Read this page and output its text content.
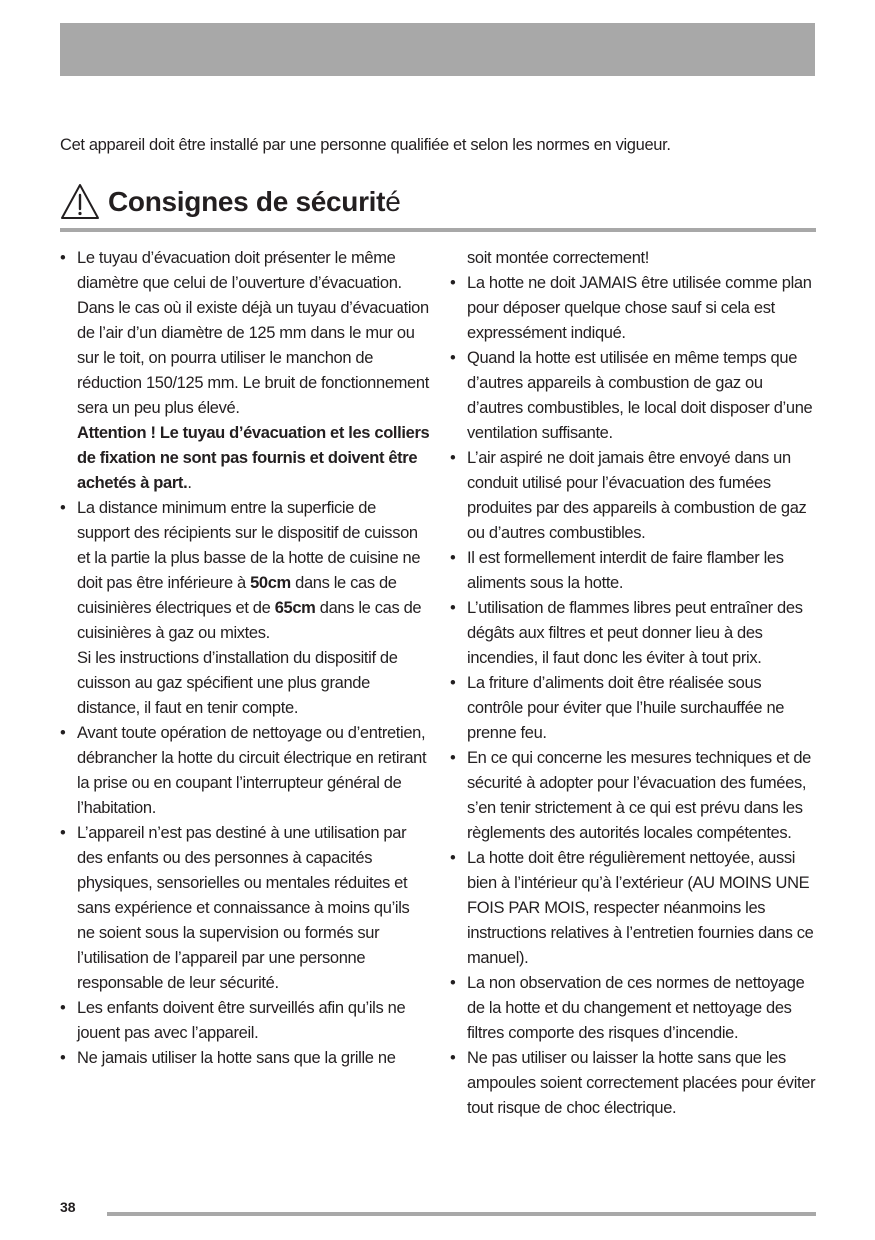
Cet appareil doit être installé par une personne qualifiée et selon les normes en vigueur.
Consignes de sécurité

• Le tuyau d’évacuation doit présenter le même diamètre que celui de l’ouverture d’évacuation.

Dans le cas où il existe déjà un tuyau d’évacuation de l’air d’un diamètre de 125 mm dans le mur ou sur le toit, on pourra utiliser le manchon de réduction 150/125 mm. Le bruit de fonctionnement sera un peu plus élevé.

Attention ! Le tuyau d’évacuation et les colliers de fixation ne sont pas fournis et doivent être achetés à part..

• La distance minimum entre la superficie de support des récipients sur le dispositif de cuisson et la partie la plus basse de la hotte de cuisine ne doit pas être inférieure à 50cm dans le cas de cuisinières électriques et de 65cm dans le cas de cuisinières à gaz ou mixtes.

Si les instructions d’installation du dispositif de cuisson au gaz spécifient une plus grande distance, il faut en tenir compte.

• Avant toute opération de nettoyage ou d’entretien, débrancher la hotte du circuit électrique en retirant la prise ou en coupant l’interrupteur général de l’habitation.
• L’appareil n’est pas destiné à une utilisation par des enfants ou des personnes à capacités physiques, sensorielles ou mentales réduites et sans expérience et connaissance à moins qu’ils ne soient sous la supervision ou formés sur l’utilisation de l’appareil par une personne responsable de leur sécurité.
• Les enfants doivent être surveillés afin qu’ils ne jouent pas avec l’appareil.
• Ne jamais utiliser la hotte sans que la grille ne
soit montée correctement!
• La hotte ne doit JAMAIS être utilisée comme plan pour déposer quelque chose sauf si cela est expressément indiqué.
• Quand la hotte est utilisée en même temps que d’autres appareils à combustion de gaz ou d’autres combustibles, le local doit disposer d’une ventilation suffisante.
• L’air aspiré ne doit jamais être envoyé dans un conduit utilisé pour l’évacuation des fumées produites par des appareils à combustion de gaz ou d’autres combustibles.
• Il est formellement interdit de faire flamber les aliments sous la hotte.
• L’utilisation de flammes libres peut entraîner des dégâts aux filtres et peut donner lieu à des incendies, il faut donc les éviter à tout prix.
• La friture d’aliments doit être réalisée sous contrôle pour éviter que l’huile surchauffée ne prenne feu.
• En ce qui concerne les mesures techniques et de sécurité à adopter pour l’évacuation des fumées, s’en tenir strictement à ce qui est prévu dans les règlements des autorités locales compétentes.
• La hotte doit être régulièrement nettoyée, aussi bien à l’intérieur qu’à l’extérieur (AU MOINS UNE FOIS PAR MOIS, respecter néanmoins les instructions relatives à l’entretien fournies dans ce manuel).
• La non observation de ces normes de nettoyage de la hotte et du changement et nettoyage des filtres comporte des risques d’incendie.
• Ne pas utiliser ou laisser la hotte sans que les ampoules soient correctement placées pour éviter tout risque de choc électrique.
38
